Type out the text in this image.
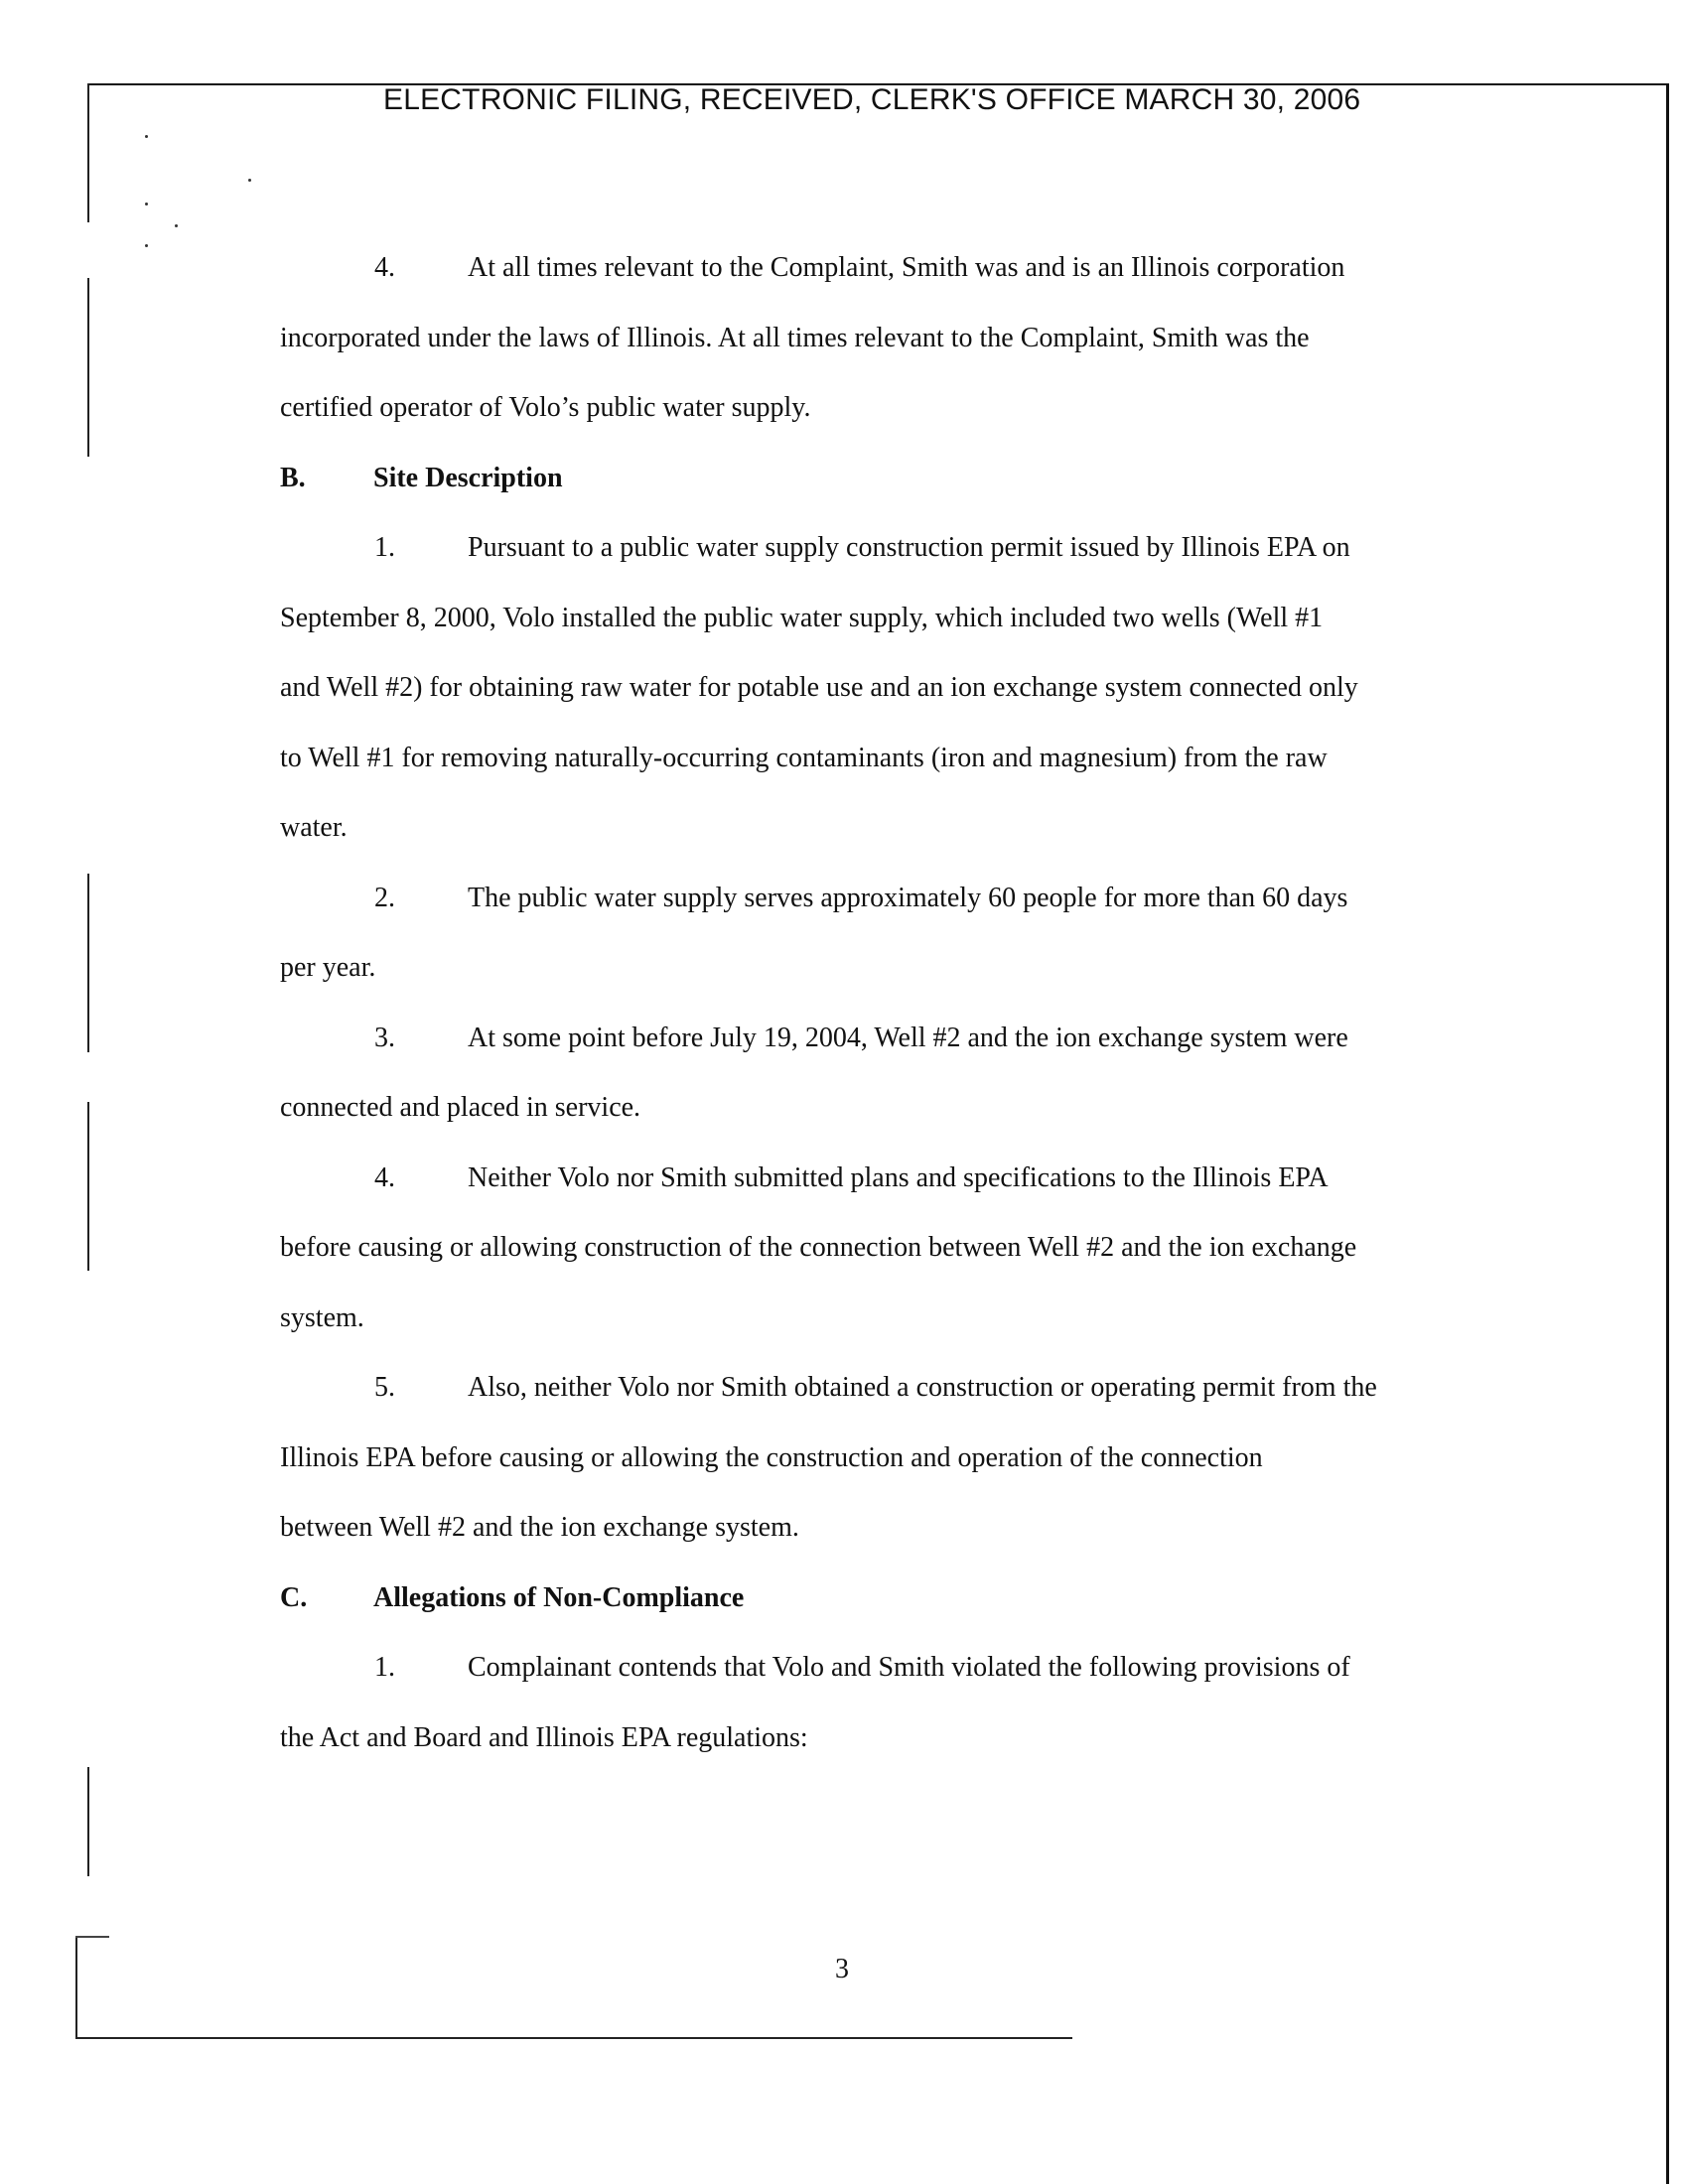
ELECTRONIC FILING, RECEIVED, CLERK'S OFFICE MARCH 30, 2006
4.	At all times relevant to the Complaint, Smith was and is an Illinois corporation
incorporated under the laws of Illinois. At all times relevant to the Complaint, Smith was the
certified operator of Volo’s public water supply.
B. Site Description
1.	Pursuant to a public water supply construction permit issued by Illinois EPA on
September 8, 2000, Volo installed the public water supply, which included two wells (Well #1
and Well #2) for obtaining raw water for potable use and an ion exchange system connected only
to Well #1 for removing naturally-occurring contaminants (iron and magnesium) from the raw
water.
2.	The public water supply serves approximately 60 people for more than 60 days
per year.
3.	At some point before July 19, 2004, Well #2 and the ion exchange system were
connected and placed in service.
4.	Neither Volo nor Smith submitted plans and specifications to the Illinois EPA
before causing or allowing construction of the connection between Well #2 and the ion exchange
system.
5.	Also, neither Volo nor Smith obtained a construction or operating permit from the
Illinois EPA before causing or allowing the construction and operation of the connection
between Well #2 and the ion exchange system.
C. Allegations of Non-Compliance
1.	Complainant contends that Volo and Smith violated the following provisions of
the Act and Board and Illinois EPA regulations:
3
